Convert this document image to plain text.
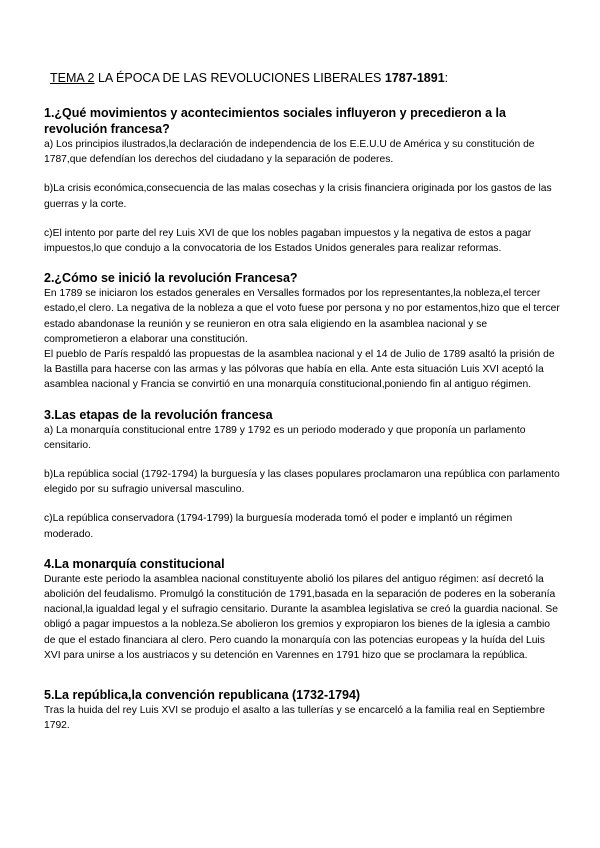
TEMA 2 LA ÉPOCA DE LAS REVOLUCIONES LIBERALES 1787-1891:

1.¿Qué movimientos y acontecimientos sociales influyeron y precedieron a la revolución francesa?

a) Los principios ilustrados,la declaración de independencia de los E.E.U.U de América y su constitución de 1787,que defendían los derechos del ciudadano y la separación de poderes.

b)La crisis económica,consecuencia de las malas cosechas y la crisis financiera originada por los gastos de las guerras y la corte.

c)El intento por parte del rey Luis XVI de que los nobles pagaban impuestos y la negativa de estos a pagar impuestos,lo que condujo a la convocatoria de los Estados Unidos generales para realizar reformas.

2.¿Cómo se inició la revolución Francesa?

En 1789 se iniciaron los estados generales en Versalles formados por los representantes,la nobleza,el tercer estado,el clero. La negativa de la nobleza a que el voto fuese por persona y no por estamentos,hizo que el tercer estado abandonase la reunión y se reunieron en otra sala eligiendo en la asamblea nacional y se comprometieron a elaborar una constitución.

El pueblo de París respaldó las propuestas de la asamblea nacional y el 14 de Julio de 1789 asaltó la prisión de la Bastilla para hacerse con las armas y las pólvoras que había en ella. Ante esta situación Luis XVI aceptó la asamblea nacional y Francia se convirtió en una monarquía constitucional,poniendo fin al antiguo régimen.

3.Las etapas de la revolución francesa

a) La monarquía constitucional entre 1789 y 1792 es un periodo moderado y que proponía un parlamento censitario.

b)La república social (1792-1794) la burguesía y las clases populares proclamaron una república con parlamento elegido por su sufragio universal masculino.

c)La república conservadora (1794-1799) la burguesía moderada tomó el poder e implantó un régimen moderado.

4.La monarquía constitucional

Durante este periodo la asamblea nacional constituyente abolió los pilares del antiguo régimen: así decretó la abolición del feudalismo. Promulgó la constitución de 1791,basada en la separación de poderes en la soberanía nacional,la igualdad legal y el sufragio censitario. Durante la asamblea legislativa se creó la guardia nacional. Se obligó a pagar impuestos a la nobleza.Se abolieron los gremios y expropiaron los bienes de la iglesia a cambio de que el estado financiara al clero. Pero cuando la monarquía con las potencias europeas y la huída del Luis XVI para unirse a los austriacos y su detención en Varennes en 1791 hizo que se proclamara la república.

5.La república,la convención republicana (1732-1794)

Tras la huida del rey Luis XVI se produjo el asalto a las tullerías y se encarceló a la familia real en Septiembre 1792.
